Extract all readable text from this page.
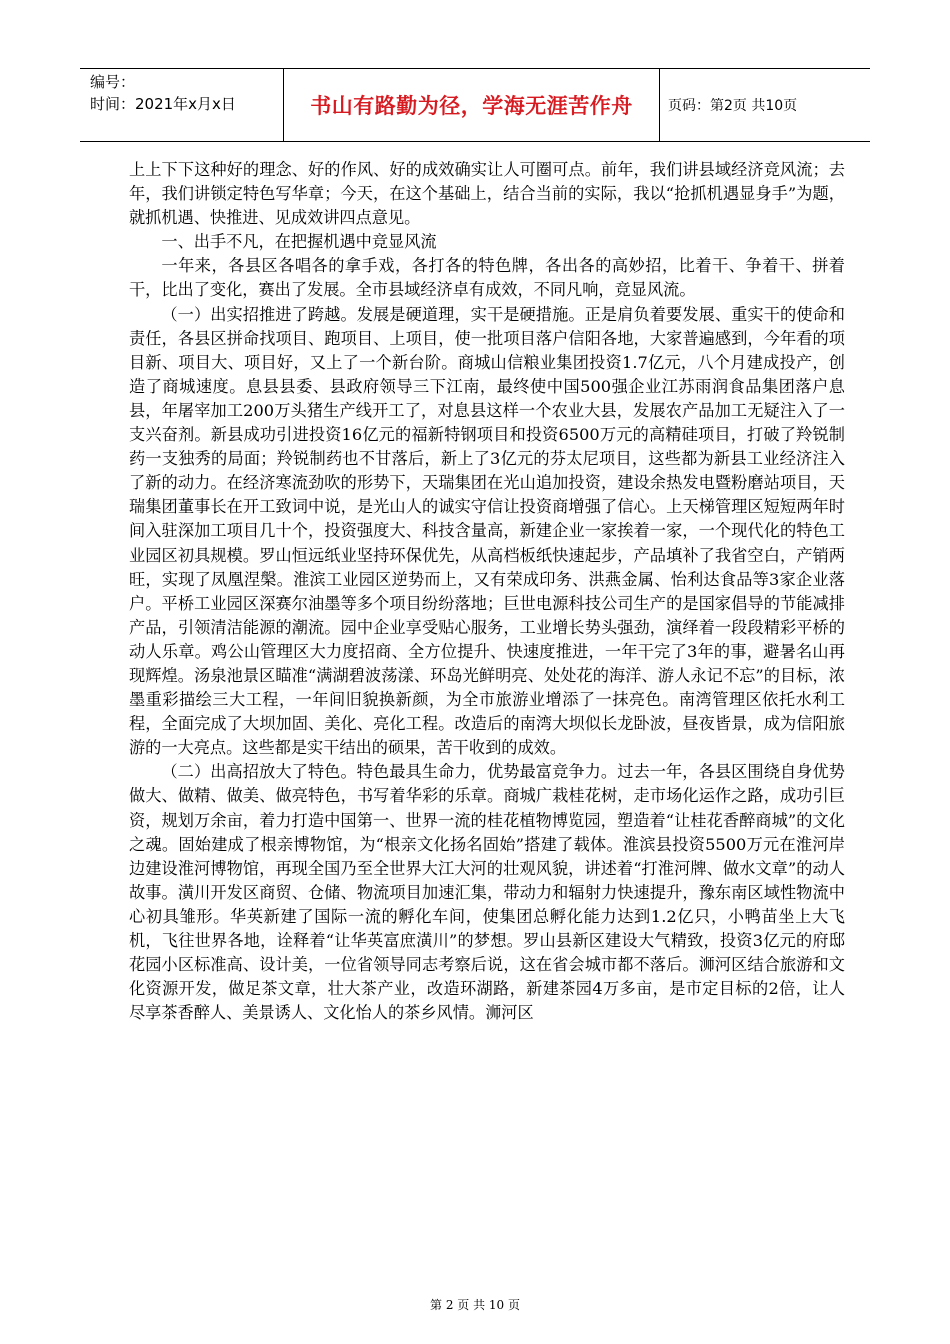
编号：
时间：2021年x月x日	书山有路勤为径，学海无涯苦作舟	页码：第2页 共10页

上上下下这种好的理念、好的作风、好的成效确实让人可圈可点。前年，我们讲县域经济竞风流；去年，我们讲锁定特色写华章；今天，在这个基础上，结合当前的实际，我以“抢抓机遇显身手”为题，就抓机遇、快推进、见成效讲四点意见。

一、出手不凡，在把握机遇中竞显风流

一年来，各县区各唱各的拿手戏，各打各的特色牌，各出各的高妙招，比着干、争着干、拼着干，比出了变化，赛出了发展。全市县域经济卓有成效，不同凡响，竞显风流。

（一）出实招推进了跨越。发展是硬道理，实干是硬措施。正是肩负着要发展、重实干的使命和责任，各县区拼命找项目、跑项目、上项目，使一批项目落户信阳各地，大家普遍感到，今年看的项目新、项目大、项目好，又上了一个新台阶。商城山信粮业集团投资1.7亿元，八个月建成投产，创造了商城速度。息县县委、县政府领导三下江南，最终使中国500强企业江苏雨润食品集团落户息县，年屠宰加工200万头猪生产线开工了，对息县这样一个农业大县，发展农产品加工无疑注入了一支兴奋剂。新县成功引进投资16亿元的福新特钢项目和投资6500万元的高精硅项目，打破了羚锐制药一支独秀的局面；羚锐制药也不甘落后，新上了3亿元的芬太尼项目，这些都为新县工业经济注入了新的动力。在经济寒流劲吹的形势下，天瑞集团在光山追加投资，建设余热发电暨粉磨站项目，天瑞集团董事长在开工致词中说，是光山人的诚实守信让投资商增强了信心。上天梯管理区短短两年时间入驻深加工项目几十个，投资强度大、科技含量高，新建企业一家挨着一家，一个现代化的特色工业园区初具规模。罗山恒远纸业坚持环保优先，从高档板纸快速起步，产品填补了我省空白，产销两旺，实现了凤凰涅槃。淮滨工业园区逆势而上，又有荣成印务、洪燕金属、怡利达食品等3家企业落户。平桥工业园区深赛尔油墨等多个项目纷纷落地；巨世电源科技公司生产的是国家倡导的节能减排产品，引领清洁能源的潮流。园中企业享受贴心服务，工业增长势头强劲，演绎着一段段精彩平桥的动人乐章。鸡公山管理区大力度招商、全方位提升、快速度推进，一年干完了3年的事，避暑名山再现辉煌。汤泉池景区瞄准“满湖碧波荡漾、环岛光鲜明亮、处处花的海洋、游人永记不忘”的目标，浓墨重彩描绘三大工程，一年间旧貌换新颜，为全市旅游业增添了一抹亮色。南湾管理区依托水利工程，全面完成了大坝加固、美化、亮化工程。改造后的南湾大坝似长龙卧波，昼夜皆景，成为信阳旅游的一大亮点。这些都是实干结出的硕果，苦干收到的成效。

（二）出高招放大了特色。特色最具生命力，优势最富竞争力。过去一年，各县区围绕自身优势做大、做精、做美、做亮特色，书写着华彩的乐章。商城广栽桂花树，走市场化运作之路，成功引巨资，规划万余亩，着力打造中国第一、世界一流的桂花植物博览园，塑造着“让桂花香醉商城”的文化之魂。固始建成了根亲博物馆，为“根亲文化扬名固始”搭建了载体。淮滨县投资5500万元在淮河岸边建设淮河博物馆，再现全国乃至全世界大江大河的壮观风貌，讲述着“打淮河牌、做水文章”的动人故事。潢川开发区商贸、仓储、物流项目加速汇集，带动力和辐射力快速提升，豫东南区域性物流中心初具雏形。华英新建了国际一流的孵化车间，使集团总孵化能力达到1.2亿只，小鸭苗坐上大飞机，飞往世界各地，诠释着“让华英富庶潢川”的梦想。罗山县新区建设大气精致，投资3亿元的府邸花园小区标准高、设计美，一位省领导同志考察后说，这在省会城市都不落后。浉河区结合旅游和文化资源开发，做足茶文章，壮大茶产业，改造环湖路，新建茶园4万多亩，是市定目标的2倍，让人尽享茶香醉人、美景诱人、文化怡人的茶乡风情。浉河区

第 2 页 共 10 页
